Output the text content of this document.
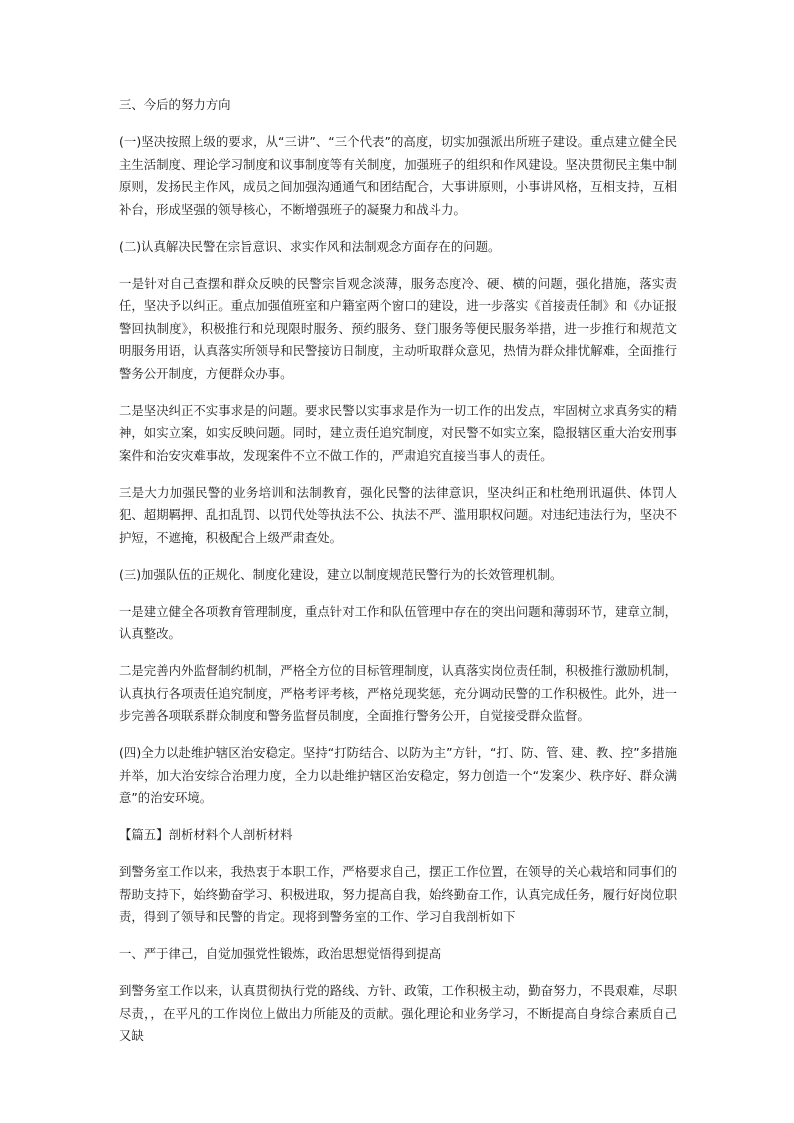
三、今后的努力方向

(一)坚决按照上级的要求，从“三讲”、“三个代表”的高度，切实加强派出所班子建设。重点建立健全民主生活制度、理论学习制度和议事制度等有关制度，加强班子的组织和作风建设。坚决贯彻民主集中制原则，发扬民主作风，成员之间加强沟通通气和团结配合，大事讲原则，小事讲风格，互相支持，互相补台，形成坚强的领导核心，不断增强班子的凝聚力和战斗力。

(二)认真解决民警在宗旨意识、求实作风和法制观念方面存在的问题。

一是针对自己查摆和群众反映的民警宗旨观念淡薄，服务态度冷、硬、横的问题，强化措施，落实责任，坚决予以纠正。重点加强值班室和户籍室两个窗口的建设，进一步落实《首接责任制》和《办证报警回执制度》，积极推行和兑现限时服务、预约服务、登门服务等便民服务举措，进一步推行和规范文明服务用语，认真落实所领导和民警接访日制度，主动听取群众意见，热情为群众排忧解难，全面推行警务公开制度，方便群众办事。

二是坚决纠正不实事求是的问题。要求民警以实事求是作为一切工作的出发点，牢固树立求真务实的精神，如实立案，如实反映问题。同时，建立责任追究制度，对民警不如实立案，隐报辖区重大治安刑事案件和治安灾难事故，发现案件不立不做工作的，严肃追究直接当事人的责任。

三是大力加强民警的业务培训和法制教育，强化民警的法律意识，坚决纠正和杜绝刑讯逼供、体罚人犯、超期羁押、乱扣乱罚、以罚代处等执法不公、执法不严、滥用职权问题。对违纪违法行为，坚决不护短，不遮掩，积极配合上级严肃查处。

(三)加强队伍的正规化、制度化建设，建立以制度规范民警行为的长效管理机制。

一是建立健全各项教育管理制度，重点针对工作和队伍管理中存在的突出问题和薄弱环节，建章立制，认真整改。

二是完善内外监督制约机制，严格全方位的目标管理制度，认真落实岗位责任制，积极推行激励机制，认真执行各项责任追究制度，严格考评考核，严格兑现奖惩，充分调动民警的工作积极性。此外，进一步完善各项联系群众制度和警务监督员制度，全面推行警务公开，自觉接受群众监督。

(四)全力以赴维护辖区治安稳定。坚持“打防结合、以防为主”方针，“打、防、管、建、教、控”多措施并举，加大治安综合治理力度，全力以赴维护辖区治安稳定，努力创造一个“发案少、秩序好、群众满意”的治安环境。

【篇五】剖析材料个人剖析材料

到警务室工作以来，我热衷于本职工作，严格要求自己，摆正工作位置，在领导的关心栽培和同事们的帮助支持下，始终勤奋学习、积极进取，努力提高自我，始终勤奋工作，认真完成任务，履行好岗位职责，得到了领导和民警的肯定。现将到警务室的工作、学习自我剖析如下

一、严于律己，自觉加强党性锻炼，政治思想觉悟得到提高

到警务室工作以来，认真贯彻执行党的路线、方针、政策，工作积极主动，勤奋努力，不畏艰难，尽职尽责，，在平凡的工作岗位上做出力所能及的贡献。强化理论和业务学习，不断提高自身综合素质自己又缺
